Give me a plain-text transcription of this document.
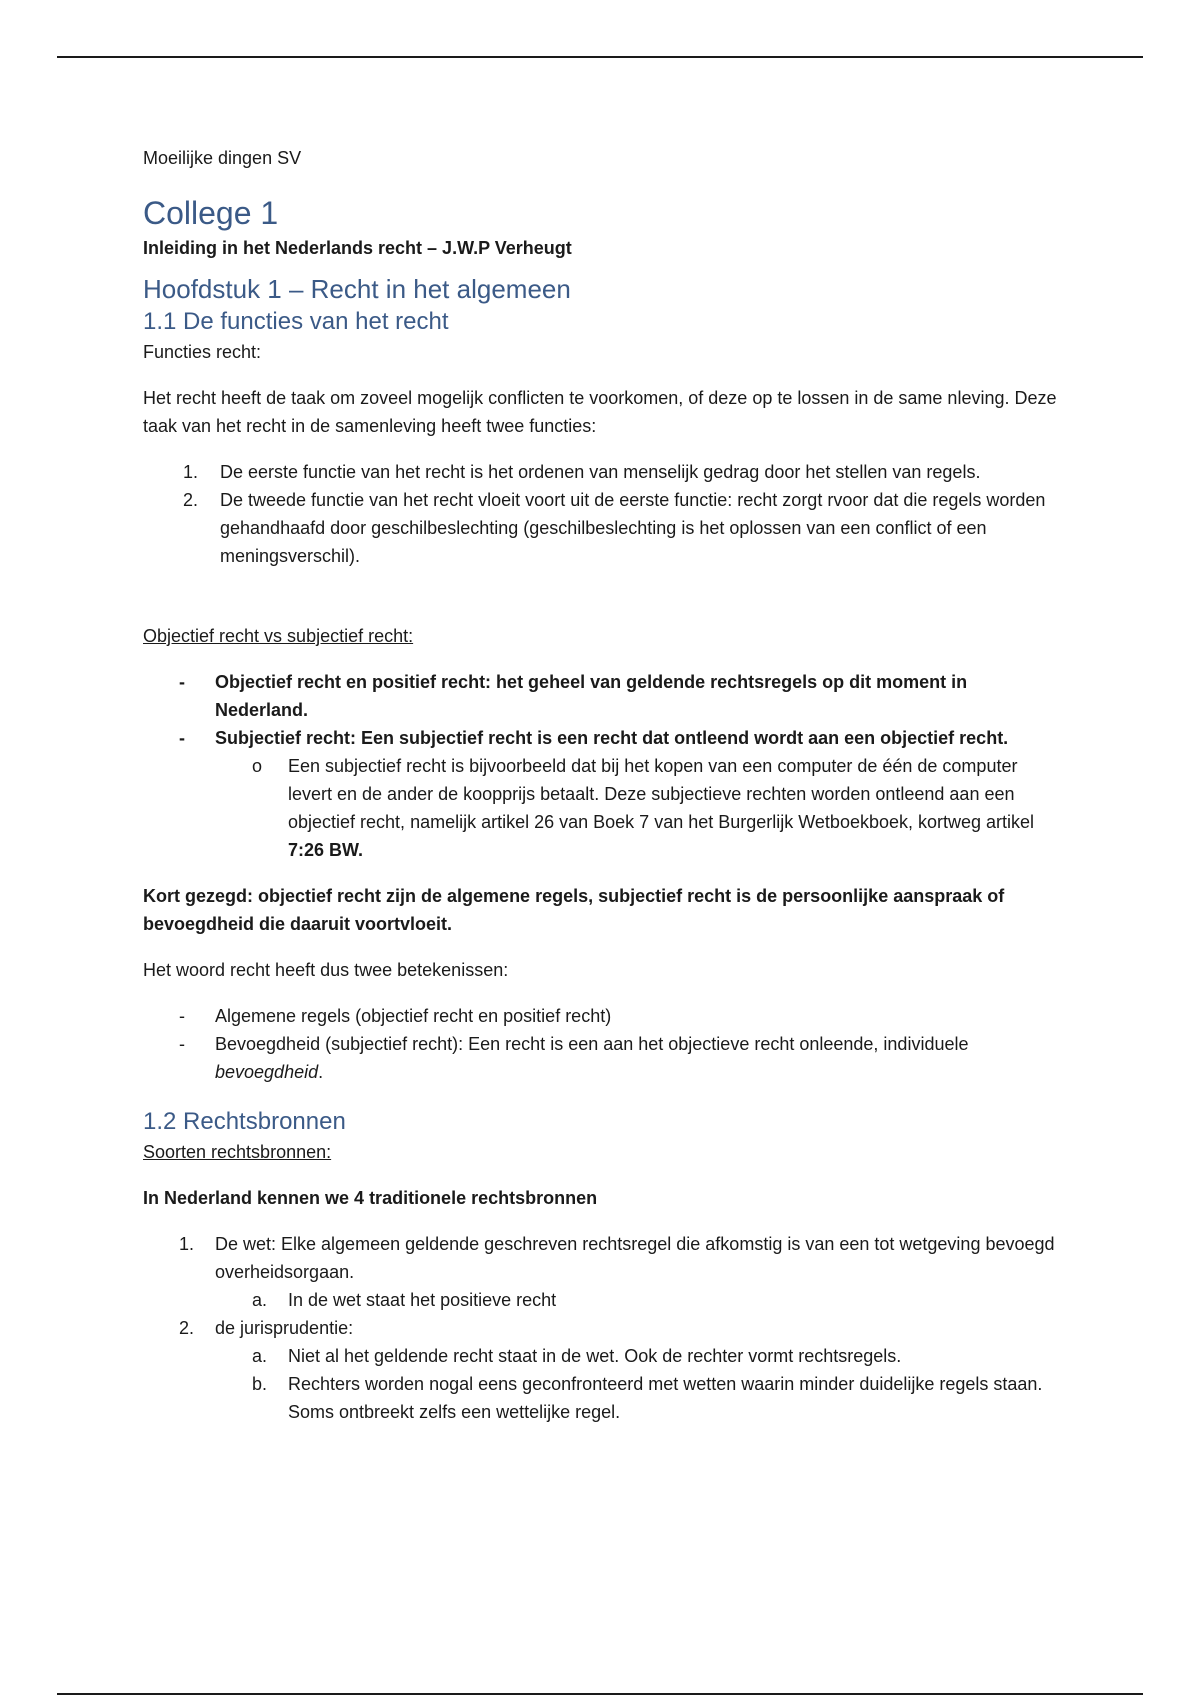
Moeilijke dingen SV

College 1

Inleiding in het Nederlands recht – J.W.P Verheugt

Hoofdstuk 1 – Recht in het algemeen
1.1 De functies van het recht

Functies recht:

Het recht heeft de taak om zoveel mogelijk conflicten te voorkomen, of deze op te lossen in de same nleving. Deze taak van het recht in de samenleving heeft twee functies:

1. De eerste functie van het recht is het ordenen van menselijk gedrag door het stellen van regels.
2. De tweede functie van het recht vloeit voort uit de eerste functie: recht zorgt rvoor dat die regels worden gehandhaafd door geschilbeslechting (geschilbeslechting is het oplossen van een conflict of een meningsverschil).

Objectief recht vs subjectief recht:

- Objectief recht en positief recht: het geheel van geldende rechtsregels op dit moment in Nederland.
- Subjectief recht: Een subjectief recht is een recht dat ontleend wordt aan een objectief recht.
o Een subjectief recht is bijvoorbeeld dat bij het kopen van een computer de één de computer levert en de ander de koopprijs betaalt. Deze subjectieve rechten worden ontleend aan een objectief recht, namelijk artikel 26 van Boek 7 van het Burgerlijk Wetboekboek, kortweg artikel 7:26 BW.

Kort gezegd: objectief recht zijn de algemene regels, subjectief recht is de persoonlijke aanspraak of bevoegdheid die daaruit voortvloeit.

Het woord recht heeft dus twee betekenissen:

- Algemene regels (objectief recht en positief recht)
- Bevoegdheid (subjectief recht): Een recht is een aan het objectieve recht onleende, individuele bevoegdheid.
1.2 Rechtsbronnen

Soorten rechtsbronnen:

In Nederland kennen we 4 traditionele rechtsbronnen

1. De wet: Elke algemeen geldende geschreven rechtsregel die afkomstig is van een tot wetgeving bevoegd overheidsorgaan.
a. In de wet staat het positieve recht
2. de jurisprudentie:
a. Niet al het geldende recht staat in de wet. Ook de rechter vormt rechtsregels.
b. Rechters worden nogal eens geconfronteerd met wetten waarin minder duidelijke regels staan. Soms ontbreekt zelfs een wettelijke regel.
